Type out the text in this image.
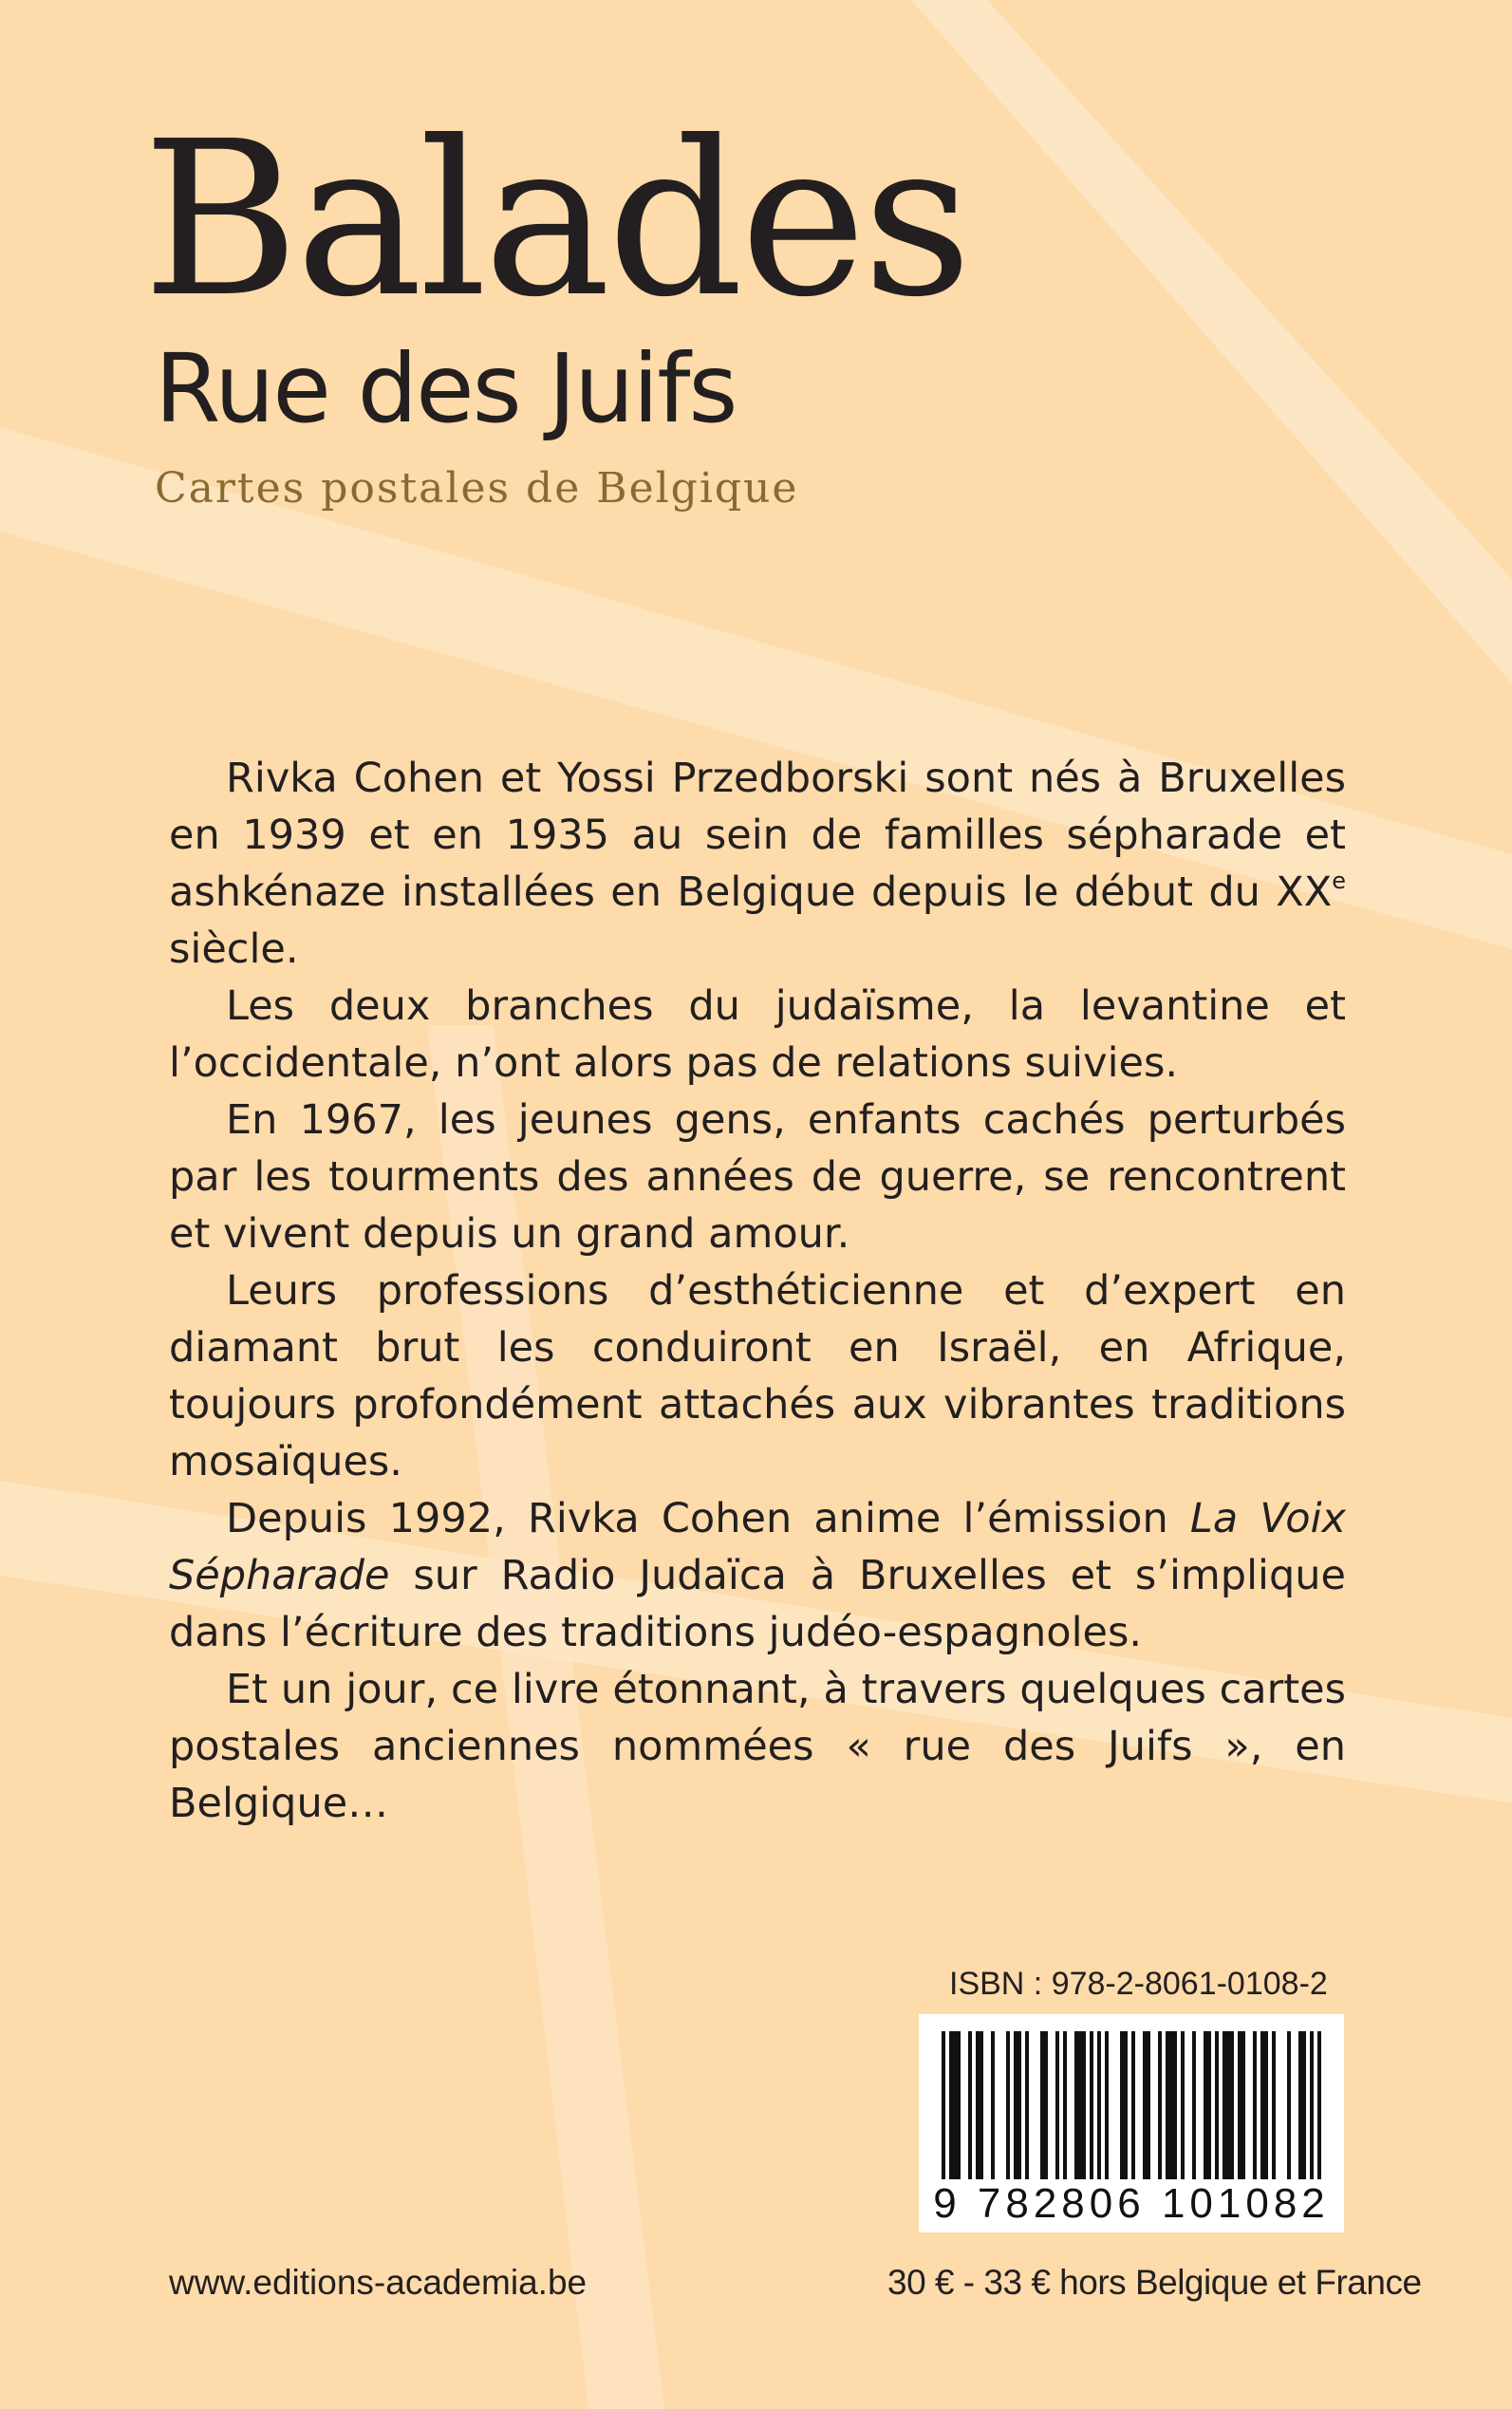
Balades
Rue des Juifs

Cartes postales de Belgique

Rivka Cohen et Yossi Przedborski sont nés à Bruxelles en 1939 et en 1935 au sein de familles sépharade et ashkénaze installées en Belgique depuis le début du XXe siècle.

Les deux branches du judaïsme, la levantine et l’occidentale, n’ont alors pas de relations suivies.

En 1967, les jeunes gens, enfants cachés perturbés par les tourments des années de guerre, se rencontrent et vivent depuis un grand amour.

Leurs professions d’esthéticienne et d’expert en diamant brut les conduiront en Israël, en Afrique, toujours profondément attachés aux vibrantes traditions mosaïques.

Depuis 1992, Rivka Cohen anime l’émission La Voix Sépharade sur Radio Judaïca à Bruxelles et s’implique dans l’écriture des traditions judéo-espagnoles.

Et un jour, ce livre étonnant, à travers quelques cartes postales anciennes nommées « rue des Juifs », en Belgique…

ISBN : 978-2-8061-0108-2

9 782806 101082

www.editions-academia.be	30 € - 33 € hors Belgique et France
